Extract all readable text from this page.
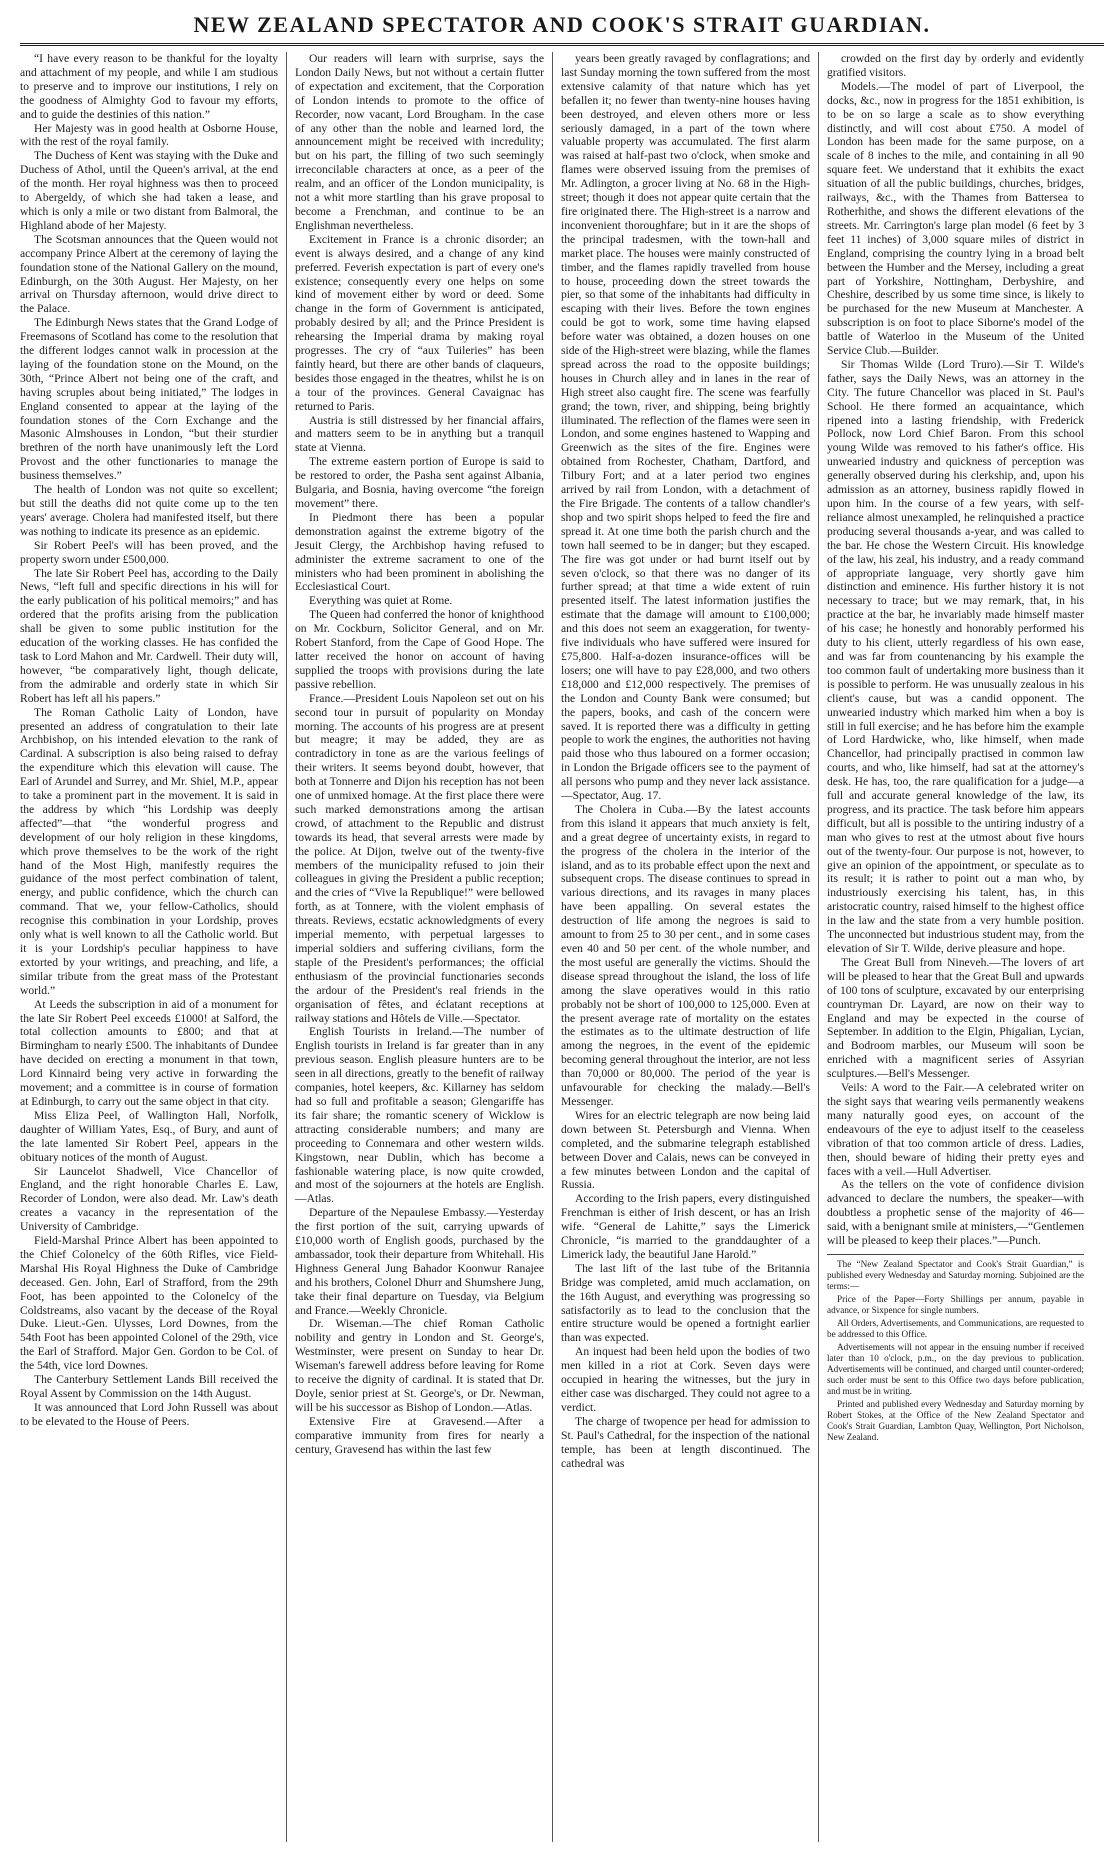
NEW ZEALAND SPECTATOR AND COOK'S STRAIT GUARDIAN.

“I have every reason to be thankful for the loyalty and attachment of my people, and while I am studious to preserve and to improve our institutions, I rely on the goodness of Almighty God to favour my efforts, and to guide the destinies of this nation.”

Her Majesty was in good health at Osborne House, with the rest of the royal family.

The Duchess of Kent was staying with the Duke and Duchess of Athol, until the Queen's arrival, at the end of the month. Her royal highness was then to proceed to Abergeldy, of which she had taken a lease, and which is only a mile or two distant from Balmoral, the Highland abode of her Majesty.

The Scotsman announces that the Queen would not accompany Prince Albert at the ceremony of laying the foundation stone of the National Gallery on the mound, Edinburgh, on the 30th August. Her Majesty, on her arrival on Thursday afternoon, would drive direct to the Palace.

The Edinburgh News states that the Grand Lodge of Freemasons of Scotland has come to the resolution that the different lodges cannot walk in procession at the laying of the foundation stone on the Mound, on the 30th, “Prince Albert not being one of the craft, and having scruples about being initiated,” The lodges in England consented to appear at the laying of the foundation stones of the Corn Exchange and the Masonic Almshouses in London, “but their sturdier brethren of the north have unanimously left the Lord Provost and the other functionaries to manage the business themselves.”

The health of London was not quite so excellent; but still the deaths did not quite come up to the ten years' average. Cholera had manifested itself, but there was nothing to indicate its presence as an epidemic.

Sir Robert Peel's will has been proved, and the property sworn under £500,000.

The late Sir Robert Peel has, according to the Daily News, “left full and specific directions in his will for the early publication of his political memoirs;” and has ordered that the profits arising from the publication shall be given to some public institution for the education of the working classes. He has confided the task to Lord Mahon and Mr. Cardwell. Their duty will, however, “be comparatively light, though delicate, from the admirable and orderly state in which Sir Robert has left all his papers.”

The Roman Catholic Laity of London, have presented an address of congratulation to their late Archbishop, on his intended elevation to the rank of Cardinal. A subscription is also being raised to defray the expenditure which this elevation will cause. The Earl of Arundel and Surrey, and Mr. Shiel, M.P., appear to take a prominent part in the movement. It is said in the address by which “his Lordship was deeply affected”—that “the wonderful progress and development of our holy religion in these kingdoms, which prove themselves to be the work of the right hand of the Most High, manifestly requires the guidance of the most perfect combination of talent, energy, and public confidence, which the church can command. That we, your fellow-Catholics, should recognise this combination in your Lordship, proves only what is well known to all the Catholic world. But it is your Lordship's peculiar happiness to have extorted by your writings, and preaching, and life, a similar tribute from the great mass of the Protestant world.”

At Leeds the subscription in aid of a monument for the late Sir Robert Peel exceeds £1000! at Salford, the total collection amounts to £800; and that at Birmingham to nearly £500. The inhabitants of Dundee have decided on erecting a monument in that town, Lord Kinnaird being very active in forwarding the movement; and a committee is in course of formation at Edinburgh, to carry out the same object in that city.

Miss Eliza Peel, of Wallington Hall, Norfolk, daughter of William Yates, Esq., of Bury, and aunt of the late lamented Sir Robert Peel, appears in the obituary notices of the month of August.

Sir Launcelot Shadwell, Vice Chancellor of England, and the right honorable Charles E. Law, Recorder of London, were also dead. Mr. Law's death creates a vacancy in the representation of the University of Cambridge.

Field-Marshal Prince Albert has been appointed to the Chief Colonelcy of the 60th Rifles, vice Field-Marshal His Royal Highness the Duke of Cambridge deceased. Gen. John, Earl of Strafford, from the 29th Foot, has been appointed to the Colonelcy of the Coldstreams, also vacant by the decease of the Royal Duke. Lieut.-Gen. Ulysses, Lord Downes, from the 54th Foot has been appointed Colonel of the 29th, vice the Earl of Strafford. Major Gen. Gordon to be Col. of the 54th, vice lord Downes.

The Canterbury Settlement Lands Bill received the Royal Assent by Commission on the 14th August.

It was announced that Lord John Russell was about to be elevated to the House of Peers.

Our readers will learn with surprise, says the London Daily News, but not without a certain flutter of expectation and excitement, that the Corporation of London intends to promote to the office of Recorder, now vacant, Lord Brougham. In the case of any other than the noble and learned lord, the announcement might be received with incredulity; but on his part, the filling of two such seemingly irreconcilable characters at once, as a peer of the realm, and an officer of the London municipality, is not a whit more startling than his grave proposal to become a Frenchman, and continue to be an Englishman nevertheless.

Excitement in France is a chronic disorder; an event is always desired, and a change of any kind preferred. Feverish expectation is part of every one's existence; consequently every one helps on some kind of movement either by word or deed. Some change in the form of Government is anticipated, probably desired by all; and the Prince President is rehearsing the Imperial drama by making royal progresses. The cry of “aux Tuileries” has been faintly heard, but there are other bands of claqueurs, besides those engaged in the theatres, whilst he is on a tour of the provinces. General Cavaignac has returned to Paris.

Austria is still distressed by her financial affairs, and matters seem to be in anything but a tranquil state at Vienna.

The extreme eastern portion of Europe is said to be restored to order, the Pasha sent against Albania, Bulgaria, and Bosnia, having overcome “the foreign movement” there.

In Piedmont there has been a popular demonstration against the extreme bigotry of the Jesuit Clergy, the Archbishop having refused to administer the extreme sacrament to one of the ministers who had been prominent in abolishing the Ecclesiastical Court.

Everything was quiet at Rome.

The Queen had conferred the honor of knighthood on Mr. Cockburn, Solicitor General, and on Mr. Robert Stanford, from the Cape of Good Hope. The latter received the honor on account of having supplied the troops with provisions during the late passive rebellion.

France.—President Louis Napoleon set out on his second tour in pursuit of popularity on Monday morning. The accounts of his progress are at present but meagre; it may be added, they are as contradictory in tone as are the various feelings of their writers. It seems beyond doubt, however, that both at Tonnerre and Dijon his reception has not been one of unmixed homage. At the first place there were such marked demonstrations among the artisan crowd, of attachment to the Republic and distrust towards its head, that several arrests were made by the police. At Dijon, twelve out of the twenty-five members of the municipality refused to join their colleagues in giving the President a public reception; and the cries of “Vive la Republique!” were bellowed forth, as at Tonnere, with the violent emphasis of threats. Reviews, ecstatic acknowledgments of every imperial memento, with perpetual largesses to imperial soldiers and suffering civilians, form the staple of the President's performances; the official enthusiasm of the provincial functionaries seconds the ardour of the President's real friends in the organisation of fêtes, and éclatant receptions at railway stations and Hôtels de Ville.—Spectator.

English Tourists in Ireland.—The number of English tourists in Ireland is far greater than in any previous season. English pleasure hunters are to be seen in all directions, greatly to the benefit of railway companies, hotel keepers, &c. Killarney has seldom had so full and profitable a season; Glengariffe has its fair share; the romantic scenery of Wicklow is attracting considerable numbers; and many are proceeding to Connemara and other western wilds. Kingstown, near Dublin, which has become a fashionable watering place, is now quite crowded, and most of the sojourners at the hotels are English.—Atlas.

Departure of the Nepaulese Embassy.—Yesterday the first portion of the suit, carrying upwards of £10,000 worth of English goods, purchased by the ambassador, took their departure from Whitehall. His Highness General Jung Bahador Koonwur Ranajee and his brothers, Colonel Dhurr and Shumshere Jung, take their final departure on Tuesday, via Belgium and France.—Weekly Chronicle.

Dr. Wiseman.—The chief Roman Catholic nobility and gentry in London and St. George's, Westminster, were present on Sunday to hear Dr. Wiseman's farewell address before leaving for Rome to receive the dignity of cardinal. It is stated that Dr. Doyle, senior priest at St. George's, or Dr. Newman, will be his successor as Bishop of London.—Atlas.

Extensive Fire at Gravesend.—After a comparative immunity from fires for nearly a century, Gravesend has within the last few

years been greatly ravaged by conflagrations; and last Sunday morning the town suffered from the most extensive calamity of that nature which has yet befallen it; no fewer than twenty-nine houses having been destroyed, and eleven others more or less seriously damaged, in a part of the town where valuable property was accumulated. The first alarm was raised at half-past two o'clock, when smoke and flames were observed issuing from the premises of Mr. Adlington, a grocer living at No. 68 in the High-street; though it does not appear quite certain that the fire originated there. The High-street is a narrow and inconvenient thoroughfare; but in it are the shops of the principal tradesmen, with the town-hall and market place. The houses were mainly constructed of timber, and the flames rapidly travelled from house to house, proceeding down the street towards the pier, so that some of the inhabitants had difficulty in escaping with their lives. Before the town engines could be got to work, some time having elapsed before water was obtained, a dozen houses on one side of the High-street were blazing, while the flames spread across the road to the opposite buildings; houses in Church alley and in lanes in the rear of High street also caught fire. The scene was fearfully grand; the town, river, and shipping, being brightly illuminated. The reflection of the flames were seen in London, and some engines hastened to Wapping and Greenwich as the sites of the fire. Engines were obtained from Rochester, Chatham, Dartford, and Tilbury Fort; and at a later period two engines arrived by rail from London, with a detachment of the Fire Brigade. The contents of a tallow chandler's shop and two spirit shops helped to feed the fire and spread it. At one time both the parish church and the town hall seemed to be in danger; but they escaped. The fire was got under or had burnt itself out by seven o'clock, so that there was no danger of its further spread; at that time a wide extent of ruin presented itself. The latest information justifies the estimate that the damage will amount to £100,000; and this does not seem an exaggeration, for twenty-five individuals who have suffered were insured for £75,800. Half-a-dozen insurance-offices will be losers; one will have to pay £28,000, and two others £18,000 and £12,000 respectively. The premises of the London and County Bank were consumed; but the papers, books, and cash of the concern were saved. It is reported there was a difficulty in getting people to work the engines, the authorities not having paid those who thus laboured on a former occasion; in London the Brigade officers see to the payment of all persons who pump and they never lack assistance.—Spectator, Aug. 17.

The Cholera in Cuba.—By the latest accounts from this island it appears that much anxiety is felt, and a great degree of uncertainty exists, in regard to the progress of the cholera in the interior of the island, and as to its probable effect upon the next and subsequent crops. The disease continues to spread in various directions, and its ravages in many places have been appalling. On several estates the destruction of life among the negroes is said to amount to from 25 to 30 per cent., and in some cases even 40 and 50 per cent. of the whole number, and the most useful are generally the victims. Should the disease spread throughout the island, the loss of life among the slave operatives would in this ratio probably not be short of 100,000 to 125,000. Even at the present average rate of mortality on the estates the estimates as to the ultimate destruction of life among the negroes, in the event of the epidemic becoming general throughout the interior, are not less than 70,000 or 80,000. The period of the year is unfavourable for checking the malady.—Bell's Messenger.

Wires for an electric telegraph are now being laid down between St. Petersburgh and Vienna. When completed, and the submarine telegraph established between Dover and Calais, news can be conveyed in a few minutes between London and the capital of Russia.

According to the Irish papers, every distinguished Frenchman is either of Irish descent, or has an Irish wife. “General de Lahitte,” says the Limerick Chronicle, “is married to the granddaughter of a Limerick lady, the beautiful Jane Harold.”

The last lift of the last tube of the Britannia Bridge was completed, amid much acclamation, on the 16th August, and everything was progressing so satisfactorily as to lead to the conclusion that the entire structure would be opened a fortnight earlier than was expected.

An inquest had been held upon the bodies of two men killed in a riot at Cork. Seven days were occupied in hearing the witnesses, but the jury in either case was discharged. They could not agree to a verdict.

The charge of twopence per head for admission to St. Paul's Cathedral, for the inspection of the national temple, has been at length discontinued. The cathedral was

crowded on the first day by orderly and evidently gratified visitors.

Models.—The model of part of Liverpool, the docks, &c., now in progress for the 1851 exhibition, is to be on so large a scale as to show everything distinctly, and will cost about £750. A model of London has been made for the same purpose, on a scale of 8 inches to the mile, and containing in all 90 square feet. We understand that it exhibits the exact situation of all the public buildings, churches, bridges, railways, &c., with the Thames from Battersea to Rotherhithe, and shows the different elevations of the streets. Mr. Carrington's large plan model (6 feet by 3 feet 11 inches) of 3,000 square miles of district in England, comprising the country lying in a broad belt between the Humber and the Mersey, including a great part of Yorkshire, Nottingham, Derbyshire, and Cheshire, described by us some time since, is likely to be purchased for the new Museum at Manchester. A subscription is on foot to place Siborne's model of the battle of Waterloo in the Museum of the United Service Club.—Builder.

Sir Thomas Wilde (Lord Truro).—Sir T. Wilde's father, says the Daily News, was an attorney in the City. The future Chancellor was placed in St. Paul's School. He there formed an acquaintance, which ripened into a lasting friendship, with Frederick Pollock, now Lord Chief Baron. From this school young Wilde was removed to his father's office. His unwearied industry and quickness of perception was generally observed during his clerkship, and, upon his admission as an attorney, business rapidly flowed in upon him. In the course of a few years, with self-reliance almost unexampled, he relinquished a practice producing several thousands a-year, and was called to the bar. He chose the Western Circuit. His knowledge of the law, his zeal, his industry, and a ready command of appropriate language, very shortly gave him distinction and eminence. His further history it is not necessary to trace; but we may remark, that, in his practice at the bar, he invariably made himself master of his case; he honestly and honorably performed his duty to his client, utterly regardless of his own ease, and was far from countenancing by his example the too common fault of undertaking more business than it is possible to perform. He was unusually zealous in his client's cause, but was a candid opponent. The unwearied industry which marked him when a boy is still in full exercise; and he has before him the example of Lord Hardwicke, who, like himself, when made Chancellor, had principally practised in common law courts, and who, like himself, had sat at the attorney's desk. He has, too, the rare qualification for a judge—a full and accurate general knowledge of the law, its progress, and its practice. The task before him appears difficult, but all is possible to the untiring industry of a man who gives to rest at the utmost about five hours out of the twenty-four. Our purpose is not, however, to give an opinion of the appointment, or speculate as to its result; it is rather to point out a man who, by industriously exercising his talent, has, in this aristocratic country, raised himself to the highest office in the law and the state from a very humble position. The unconnected but industrious student may, from the elevation of Sir T. Wilde, derive pleasure and hope.

The Great Bull from Nineveh.—The lovers of art will be pleased to hear that the Great Bull and upwards of 100 tons of sculpture, excavated by our enterprising countryman Dr. Layard, are now on their way to England and may be expected in the course of September. In addition to the Elgin, Phigalian, Lycian, and Bodroom marbles, our Museum will soon be enriched with a magnificent series of Assyrian sculptures.—Bell's Messenger.

Veils: A word to the Fair.—A celebrated writer on the sight says that wearing veils permanently weakens many naturally good eyes, on account of the endeavours of the eye to adjust itself to the ceaseless vibration of that too common article of dress. Ladies, then, should beware of hiding their pretty eyes and faces with a veil.—Hull Advertiser.

As the tellers on the vote of confidence division advanced to declare the numbers, the speaker—with doubtless a prophetic sense of the majority of 46—said, with a benignant smile at ministers,—“Gentlemen will be pleased to keep their places.”—Punch.

The “New Zealand Spectator and Cook's Strait Guardian,” is published every Wednesday and Saturday morning. Subjoined are the terms:—

Price of the Paper—Forty Shillings per annum, payable in advance, or Sixpence for single numbers.

All Orders, Advertisements, and Communications, are requested to be addressed to this Office.

Advertisements will not appear in the ensuing number if received later than 10 o'clock, p.m., on the day previous to publication. Advertisements will be continued, and charged until counter-ordered; such order must be sent to this Office two days before publication, and must be in writing.

Printed and published every Wednesday and Saturday morning by Robert Stokes, at the Office of the New Zealand Spectator and Cook's Strait Guardian, Lambton Quay, Wellington, Port Nicholson, New Zealand.
